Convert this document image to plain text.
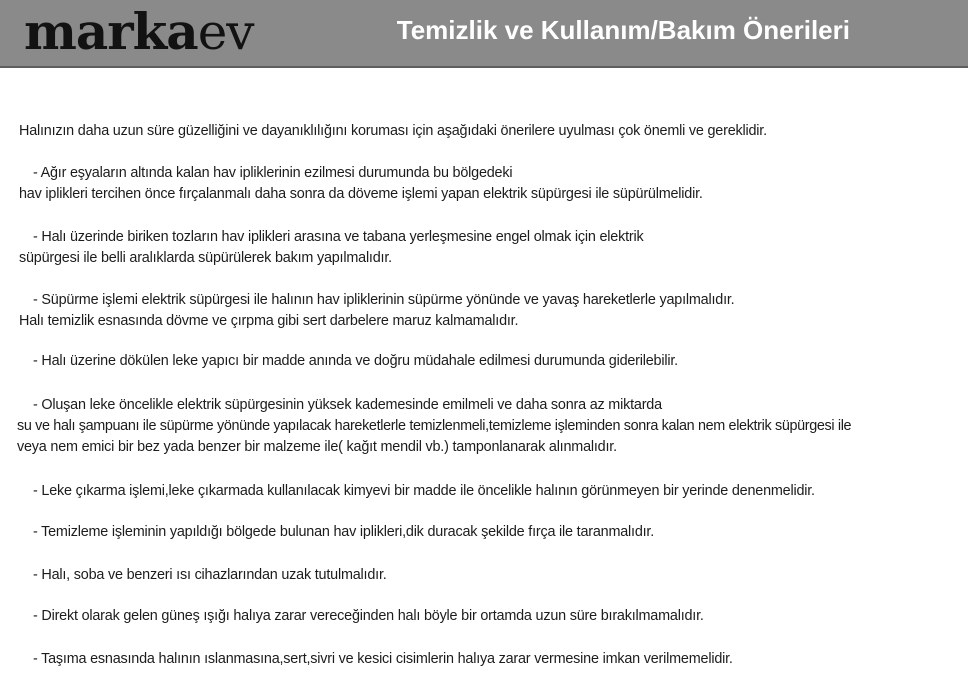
markaev	Temizlik ve Kullanım/Bakım Önerileri
Halınızın daha uzun süre güzelliğini ve dayanıklılığını koruması için aşağıdaki önerilere uyulması çok önemli ve gereklidir.
- Ağır eşyaların altında kalan hav ipliklerinin ezilmesi durumunda bu bölgedeki
hav iplikleri tercihen önce fırçalanmalı daha sonra da döveme işlemi yapan elektrik süpürgesi ile süpürülmelidir.
- Halı üzerinde biriken tozların hav iplikleri arasına ve tabana yerleşmesine engel olmak için elektrik
süpürgesi ile belli aralıklarda süpürülerek bakım yapılmalıdır.
- Süpürme işlemi elektrik süpürgesi ile halının hav ipliklerinin süpürme yönünde ve yavaş hareketlerle yapılmalıdır.
Halı temizlik esnasında dövme ve çırpma gibi sert darbelere maruz kalmamalıdır.
- Halı üzerine dökülen leke yapıcı bir madde anında ve doğru müdahale edilmesi durumunda giderilebilir.
- Oluşan leke öncelikle elektrik süpürgesinin yüksek kademesinde emilmeli ve daha sonra az miktarda
su ve halı şampuanı ile süpürme yönünde yapılacak hareketlerle temizlenmeli,temizleme işleminden sonra kalan nem elektrik süpürgesi ile
veya nem emici bir bez yada benzer bir malzeme ile( kağıt mendil vb.) tamponlanarak alınmalıdır.
- Leke çıkarma işlemi,leke çıkarmada kullanılacak kimyevi bir madde ile öncelikle halının görünmeyen bir yerinde denenmelidir.
- Temizleme işleminin yapıldığı bölgede bulunan hav iplikleri,dik duracak şekilde fırça ile taranmalıdır.
- Halı, soba ve benzeri ısı cihazlarından uzak tutulmalıdır.
- Direkt olarak gelen güneş ışığı halıya zarar vereceğinden halı böyle bir ortamda uzun süre bırakılmamalıdır.
- Taşıma esnasında halının ıslanmasına,sert,sivri ve kesici cisimlerin halıya zarar vermesine imkan verilmemelidir.
